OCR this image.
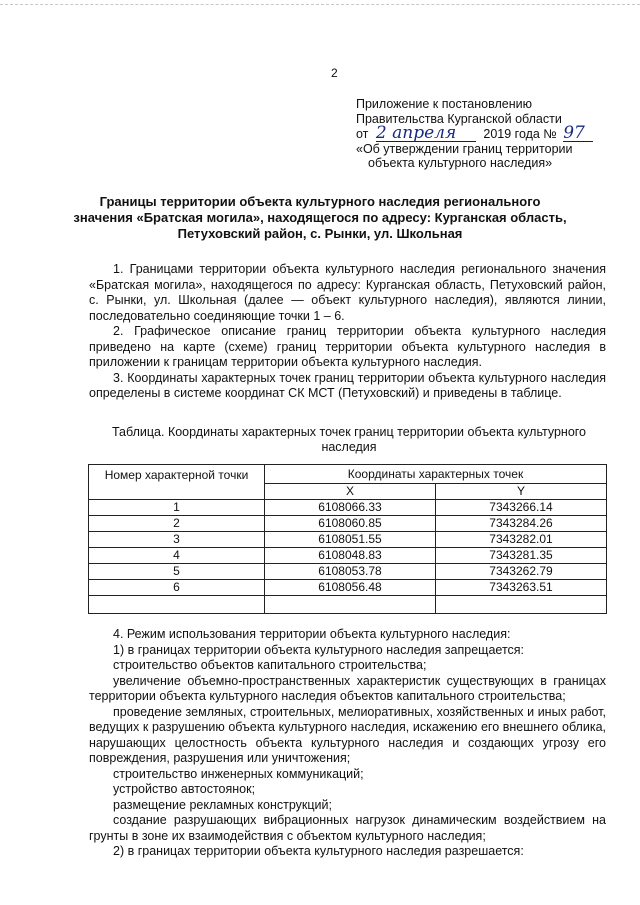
2
Приложение к постановлению
Правительства Курганской области
от 2 апреля 2019 года № 97
«Об утверждении границ территории
объекта культурного наследия»
Границы территории объекта культурного наследия регионального
значения «Братская могила», находящегося по адресу: Курганская область,
Петуховский район, с. Рынки, ул. Школьная

1. Границами территории объекта культурного наследия регионального значения «Братская могила», находящегося по адресу: Курганская область, Петуховский район, с. Рынки, ул. Школьная (далее — объект культурного наследия), являются линии, последовательно соединяющие точки 1 – 6.

2. Графическое описание границ территории объекта культурного наследия приведено на карте (схеме) границ территории объекта культурного наследия в приложении к границам территории объекта культурного наследия.

3. Координаты характерных точек границ территории объекта культурного наследия определены в системе координат СК МСТ (Петуховский) и приведены в таблице.

Таблица. Координаты характерных точек границ территории объекта культурного
наследия
Номер характерной точки	Координаты характерных точек	
	X	Y
1	6108066.33	7343266.14
2	6108060.85	7343284.26
3	6108051.55	7343282.01
4	6108048.83	7343281.35
5	6108053.78	7343262.79
6	6108056.48	7343263.51

4. Режим использования территории объекта культурного наследия:

1) в границах территории объекта культурного наследия запрещается:

строительство объектов капитального строительства;

увеличение объемно-пространственных характеристик существующих в границах территории объекта культурного наследия объектов капитального строительства;

проведение земляных, строительных, мелиоративных, хозяйственных и иных работ, ведущих к разрушению объекта культурного наследия, искажению его внешнего облика, нарушающих целостность объекта культурного наследия и создающих угрозу его повреждения, разрушения или уничтожения;

строительство инженерных коммуникаций;

устройство автостоянок;

размещение рекламных конструкций;

создание разрушающих вибрационных нагрузок динамическим воздействием на грунты в зоне их взаимодействия с объектом культурного наследия;

2) в границах территории объекта культурного наследия разрешается:
